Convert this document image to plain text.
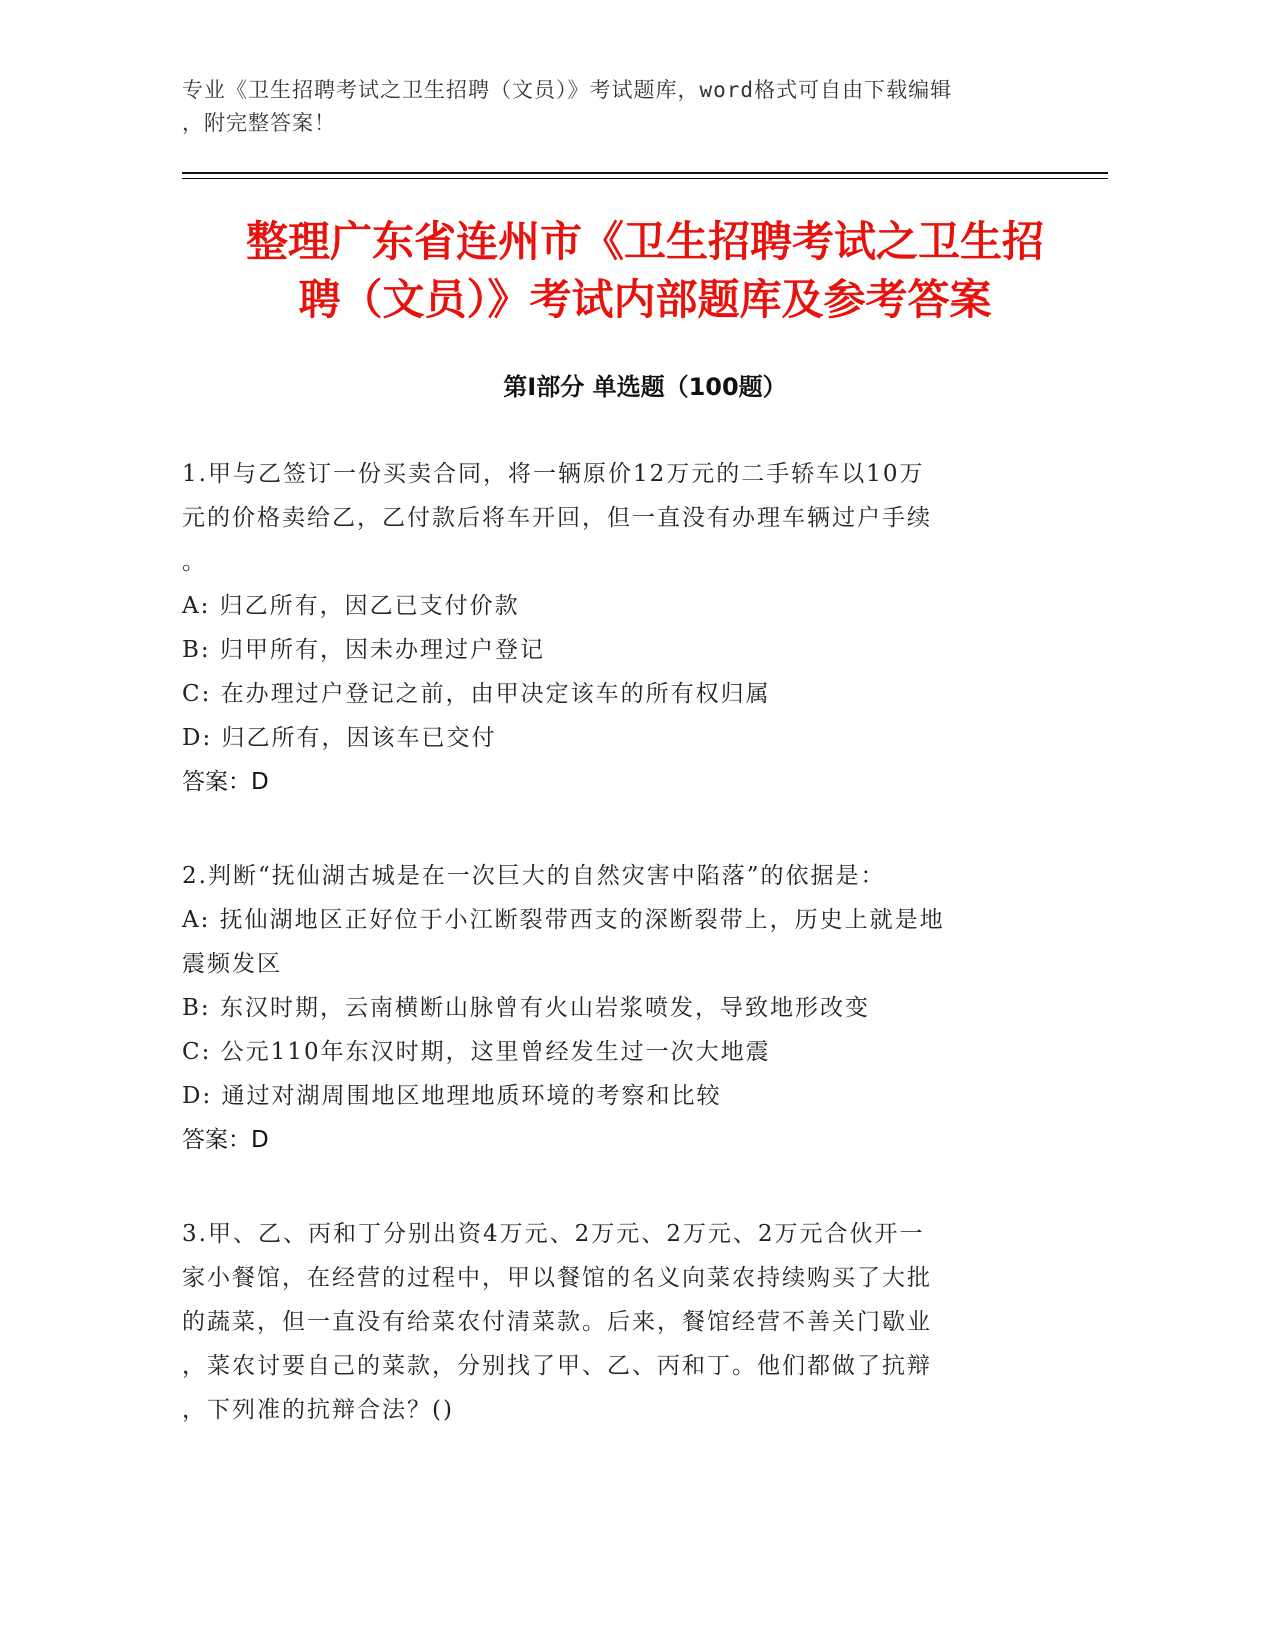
专业《卫生招聘考试之卫生招聘（文员）》考试题库，word格式可自由下载编辑
，附完整答案！
整理广东省连州市《卫生招聘考试之卫生招
聘（文员）》考试内部题库及参考答案
第Ⅰ部分 单选题（100题）

1.甲与乙签订一份买卖合同，将一辆原价12万元的二手轿车以10万

元的价格卖给乙，乙付款后将车开回，但一直没有办理车辆过户手续

。

A: 归乙所有，因乙已支付价款

B: 归甲所有，因未办理过户登记

C: 在办理过户登记之前，由甲决定该车的所有权归属

D: 归乙所有，因该车已交付

答案：D

2.判断“抚仙湖古城是在一次巨大的自然灾害中陷落”的依据是：

A: 抚仙湖地区正好位于小江断裂带西支的深断裂带上，历史上就是地

震频发区

B: 东汉时期，云南横断山脉曾有火山岩浆喷发，导致地形改变

C: 公元110年东汉时期，这里曾经发生过一次大地震

D: 通过对湖周围地区地理地质环境的考察和比较

答案：D

3.甲、乙、丙和丁分别出资4万元、2万元、2万元、2万元合伙开一

家小餐馆，在经营的过程中，甲以餐馆的名义向菜农持续购买了大批

的蔬菜，但一直没有给菜农付清菜款。后来，餐馆经营不善关门歇业

，菜农讨要自己的菜款，分别找了甲、乙、丙和丁。他们都做了抗辩

，下列准的抗辩合法？()
